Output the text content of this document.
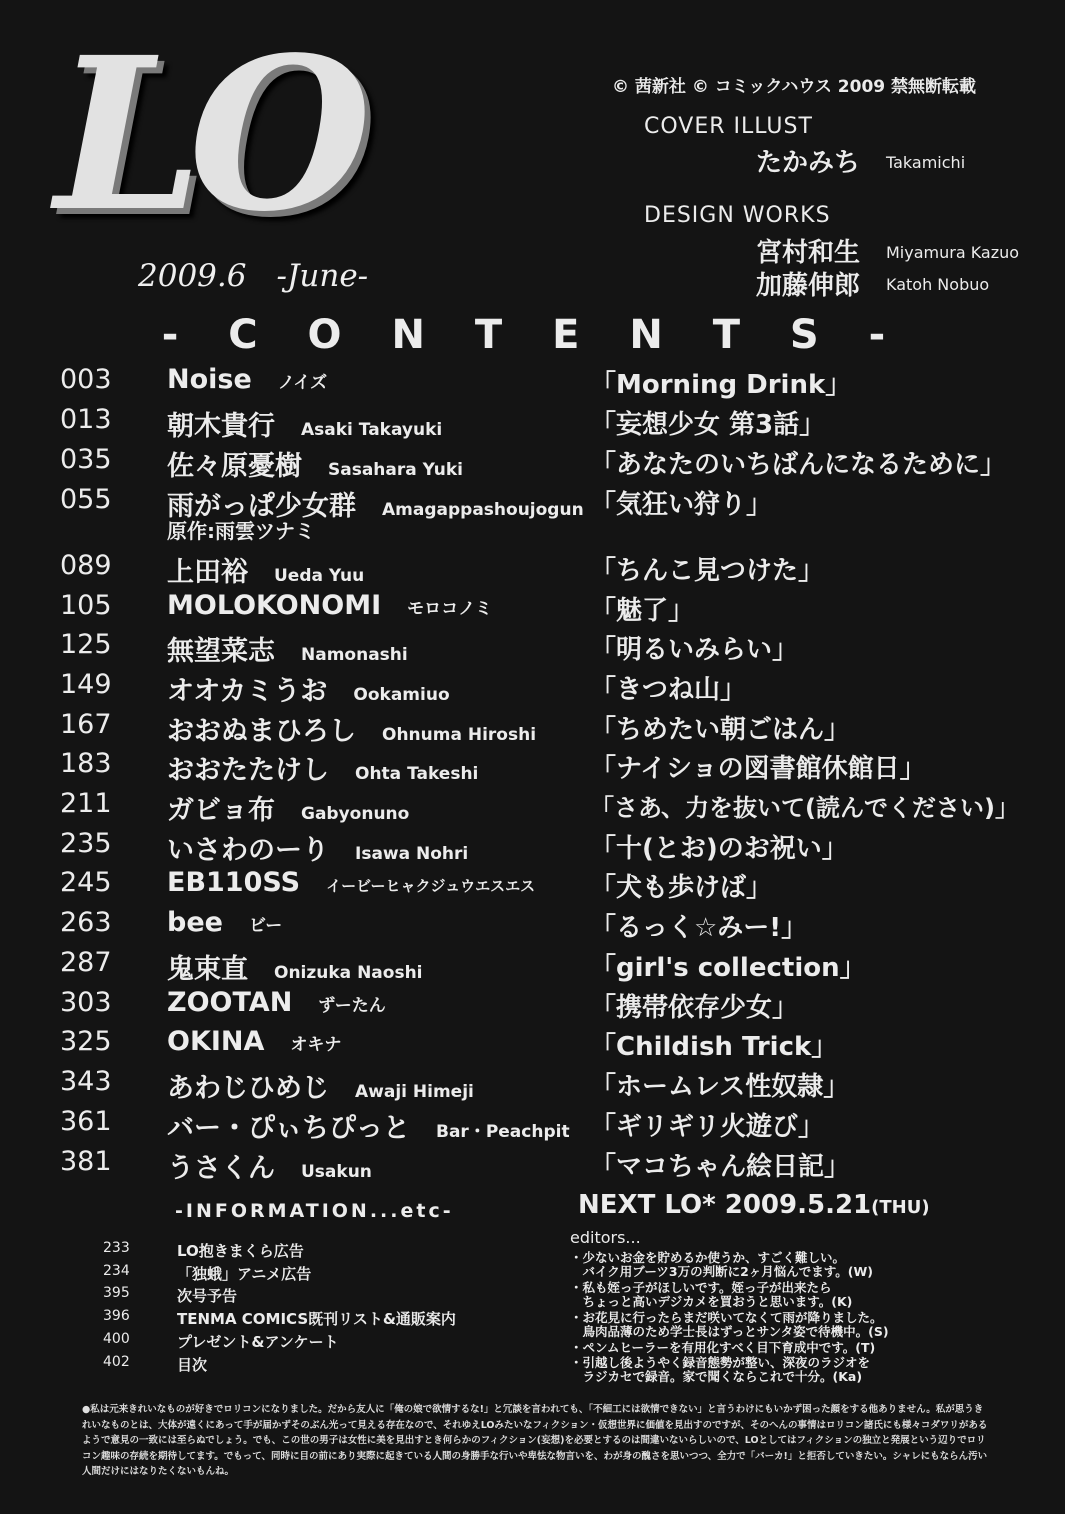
LO
2009.6 -June-
© 茜新社 © コミックハウス 2009 禁無断転載
COVER ILLUST
たかみち Takamichi
DESIGN WORKS
宮村和生 Miyamura Kazuo
加藤伸郎 Katoh Nobuo
- C O N T E N T S -
003 Noise ノイズ	「Morning Drink」
013 朝木貴行 Asaki Takayuki	「妄想少女 第3話」
035 佐々原憂樹 Sasahara Yuki	「あなたのいちばんになるために」
055 雨がっぱ少女群 Amagappashoujogun 「気狂い狩り」
原作:雨雲ツナミ
089 上田裕 Ueda Yuu	「ちんこ見つけた」
105 MOLOKONOMI モロコノミ	「魅了」
125 無望菜志 Namonashi	「明るいみらい」
149 オオカミうお Ookamiuo	「きつね山」
167 おおぬまひろし Ohnuma Hiroshi 「ちめたい朝ごはん」
183 おおたたけし Ohta Takeshi	「ナイショの図書館休館日」
211 ガビョ布 Gabyonuno	「さあ、力を抜いて(読んでください)」
235 いさわのーり Isawa Nohri	「十(とお)のお祝い」
245 EB110SS イービーヒャクジュウエスエス 「犬も歩けば」
263 bee ビー	「るっく☆みー!」
287 鬼束直 Onizuka Naoshi	「girl's collection」
303 ZOOTAN ずーたん	「携帯依存少女」
325 OKINA オキナ	「Childish Trick」
343 あわじひめじ Awaji Himeji	「ホームレス性奴隷」
361 バー・ぴぃちぴっと Bar・Peachpit 「ギリギリ火遊び」
381 うさくん Usakun	「マコちゃん絵日記」
-INFORMATION...etc-
233	LO抱きまくら広告
234	「独蛾」アニメ広告
395	次号予告
396	TENMA COMICS既刊リスト&通販案内
400	プレゼント&アンケート
402	目次
NEXT LO* 2009.5.21(THU)
editors...
・少ないお金を貯めるか使うか、すごく難しい。
　バイク用ブーツ3万の判断に2ヶ月悩んでます。(W)
・私も姪っ子がほしいです。姪っ子が出来たら
　ちょっと高いデジカメを買おうと思います。(K)
・お花見に行ったらまだ咲いてなくて雨が降りました。
　鳥肉品薄のため学士長はずっとサンタ姿で待機中。(S)
・ペンムヒーラーを有用化すべく目下育成中です。(T)
・引越し後ようやく録音態勢が整い、深夜のラジオを
　ラジカセで録音。家で聞くならこれで十分。(Ka)
●私は元来きれいなものが好きでロリコンになりました。だから友人に「俺の娘で欲情するな!」と冗談を言われても、「不細工には欲情できない」と言うわけにもいかず困った顔をする他ありません。私が思うきれいなものとは、大体が遠くにあって手が届かずそのぶん光って見える存在なので、それゆえLOみたいなフィクション・仮想世界に価値を見出すのですが、そのへんの事情はロリコン諸氏にも様々コダワリがあるようで意見の一致には至らぬでしょう。でも、この世の男子は女性に美を見出すとき何らかのフィクション(妄想)を必要とするのは間違いないらしいので、LOとしてはフィクションの独立と発展という辺りでロリコン趣味の存続を期待してます。でもって、同時に目の前にあり実際に起きている人間の身勝手な行いや卑怯な物言いを、わが身の醜さを思いつつ、全力で「バーカ!」と拒否していきたい。シャレにもならん汚い人間だけにはなりたくないもんね。
